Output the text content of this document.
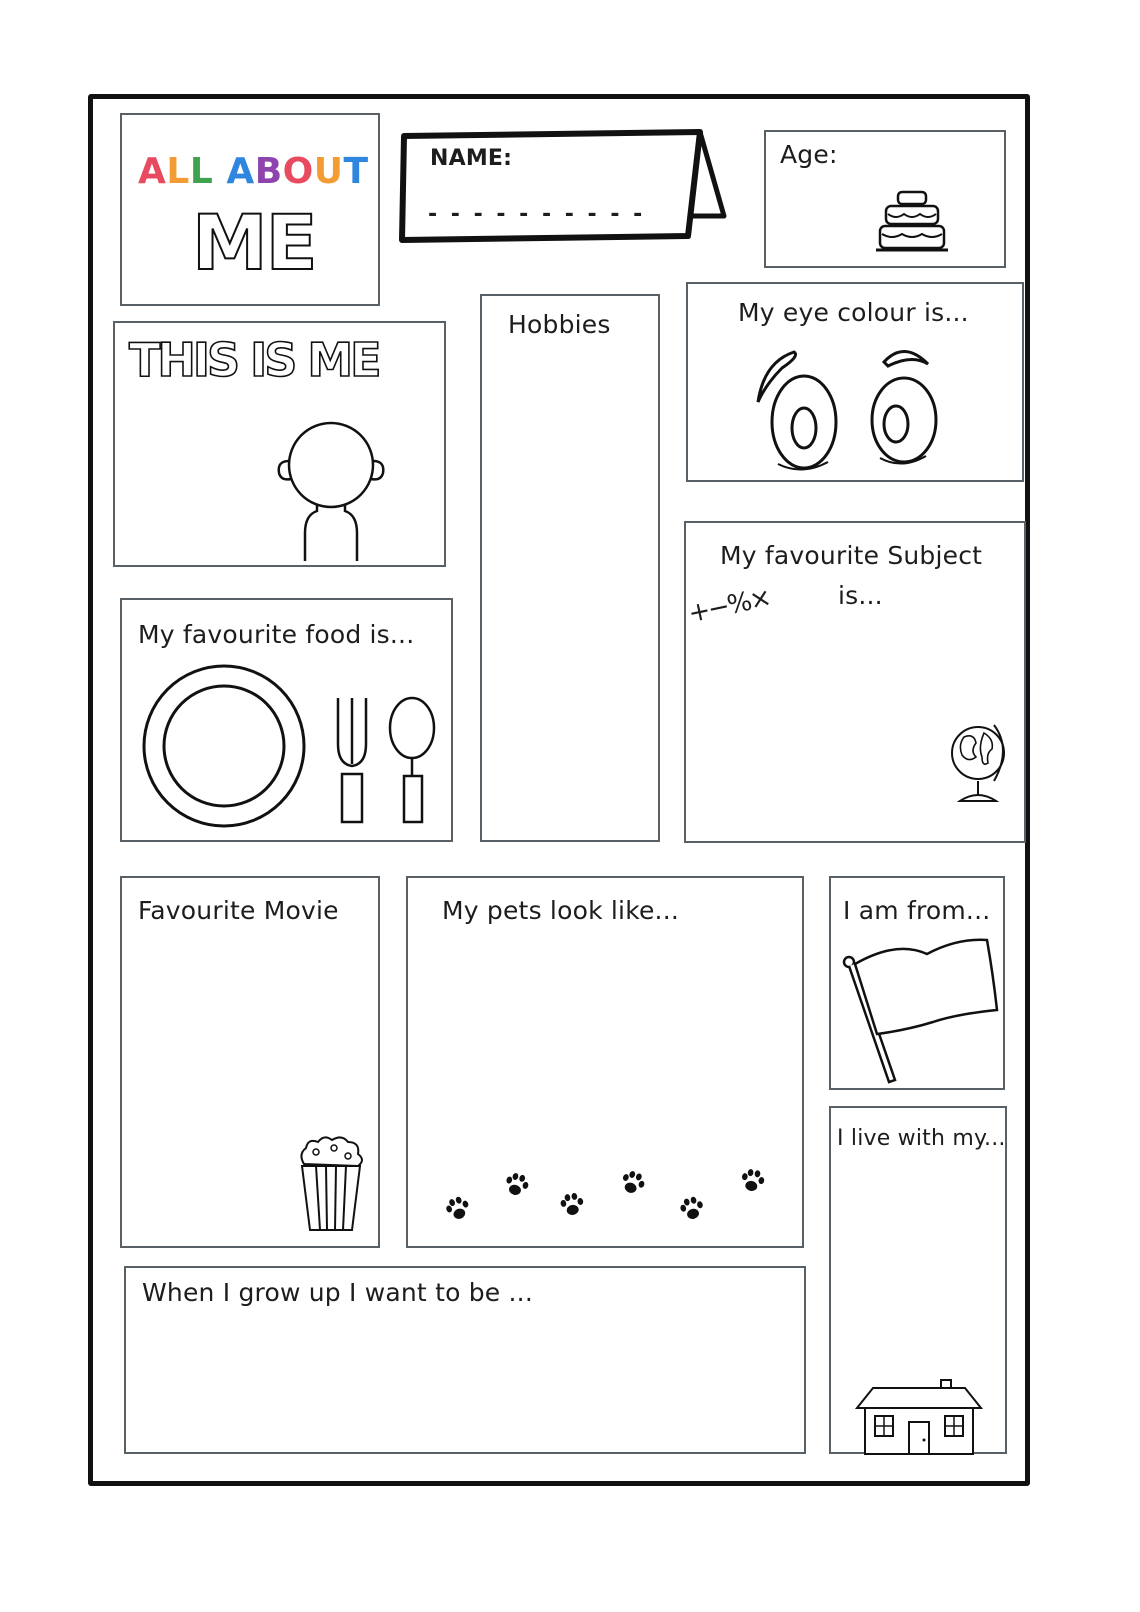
ALL ABOUT
ME
NAME:
- - - - - - - - - -
Age:
THIS IS ME
Hobbies	My eye colour is...
My favourite Subject
is...
+−%×
My favourite food is...
Favourite Movie	My pets look like...	I am from...
I live with my...
When I grow up I want to be ...
